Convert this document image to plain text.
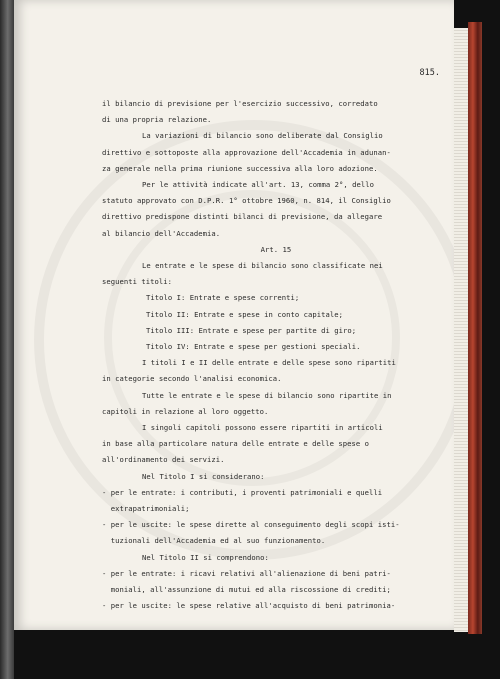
815.
il bilancio di previsione per l'esercizio successivo, corredato
di una propria relazione.
La variazioni di bilancio sono deliberate dal Consiglio
direttivo e sottoposte alla approvazione dell'Accademia in adunan-
za generale nella prima riunione successiva alla loro adozione.
Per le attività indicate all'art. 13, comma 2°, dello
statuto approvato con D.P.R. 1° ottobre 1960, n. 814, il Consiglio
direttivo predispone distinti bilanci di previsione, da allegare
al bilancio dell'Accademia.
Art. 15
Le entrate e le spese di bilancio sono classificate nei
seguenti titoli:
Titolo I: Entrate e spese correnti;
Titolo II: Entrate e spese in conto capitale;
Titolo III: Entrate e spese per partite di giro;
Titolo IV: Entrate e spese per gestioni speciali.
I titoli I e II delle entrate e delle spese sono ripartiti
in categorie secondo l'analisi economica.
Tutte le entrate e le spese di bilancio sono ripartite in
capitoli in relazione al loro oggetto.
I singoli capitoli possono essere ripartiti in articoli
in base alla particolare natura delle entrate e delle spese o
all'ordinamento dei servizi.
Nel Titolo I si considerano:
- per le entrate: i contributi, i proventi patrimoniali e quelli
extrapatrimoniali;
- per le uscite: le spese dirette al conseguimento degli scopi isti-
tuzionali dell'Accademia ed al suo funzionamento.
Nel Titolo II si comprendono:
- per le entrate: i ricavi relativi all'alienazione di beni patri-
moniali, all'assunzione di mutui ed alla riscossione di crediti;
- per le uscite: le spese relative all'acquisto di beni patrimonia-
